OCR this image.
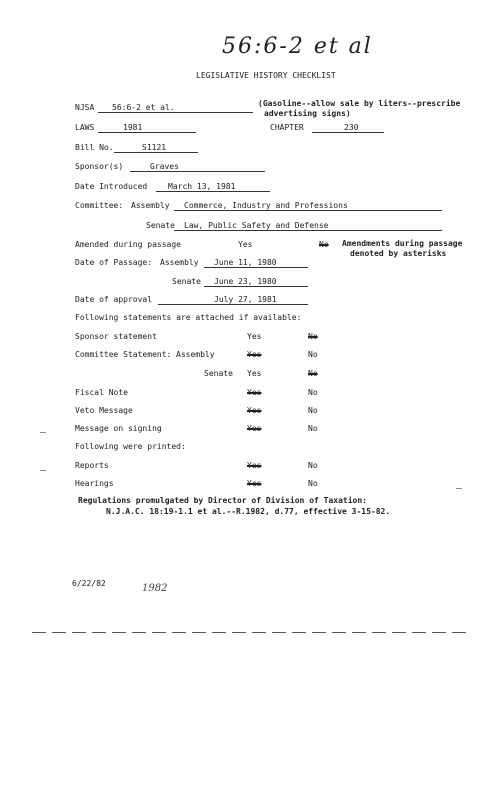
56:6-2 et al
LEGISLATIVE HISTORY CHECKLIST
NJSA	56:6-2 et al.	(Gasoline--allow sale by liters--prescribe
advertising signs)
LAWS	1981	CHAPTER	230
Bill No.	S1121
Sponsor(s)	Graves
Date Introduced	March 13, 1981
Committee: Assembly	Commerce, Industry and Professions
Senate	Law, Public Safety and Defense
Amended during passage	Yes	No Amendments during passage
denoted by asterisks
Date of Passage: Assembly	June 11, 1980
Senate	June 23, 1980
Date of approval	July 27, 1981
Following statements are attached if available:
Sponsor statement	Yes	No
Committee Statement: Assembly	Yes	No
Senate Yes	No
Fiscal Note	Yes	No
Veto Message	Yes	No
Message on signing	Yes	No
Following were printed:
Reports	Yes	No
Hearings	Yes	No
Regulations promulgated by Director of Division of Taxation:
N.J.A.C. 18:19-1.1 et al.--R.1982, d.77, effective 3-15-82.
6/22/82	1982
